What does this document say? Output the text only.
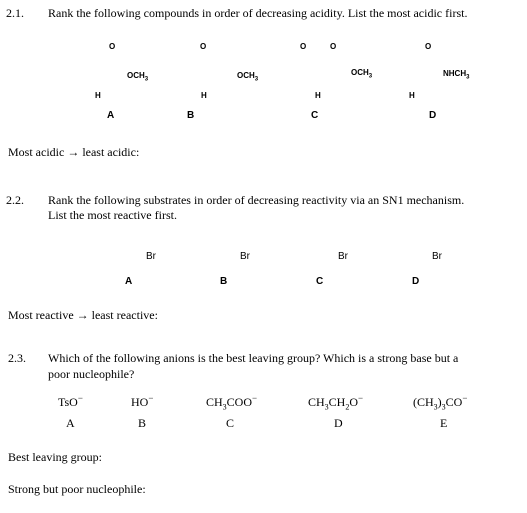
2.1. Rank the following compounds in order of decreasing acidity. List the most acidic first.
O
$OCH_3$
H
A
O
$OCH_3$
H
B
O	O
$OCH_3$
H
C
O
$NHCH_3$
H
D
Most acidic → least acidic:
2.2. Rank the following substrates in order of decreasing reactivity via an SN1 mechanism.
List the most reactive first.
Br
A
Br
B
Br
C
Br
D
Most reactive → least reactive:
2.3. Which of the following anions is the best leaving group? Which is a strong base but a
poor nucleophile?
TsO−
A
HO−
B
$CH_3COO^-$
C
$CH_3CH_2O^-$
D
$(CH_3)_3CO^-$
E
Best leaving group:
Strong but poor nucleophile:
